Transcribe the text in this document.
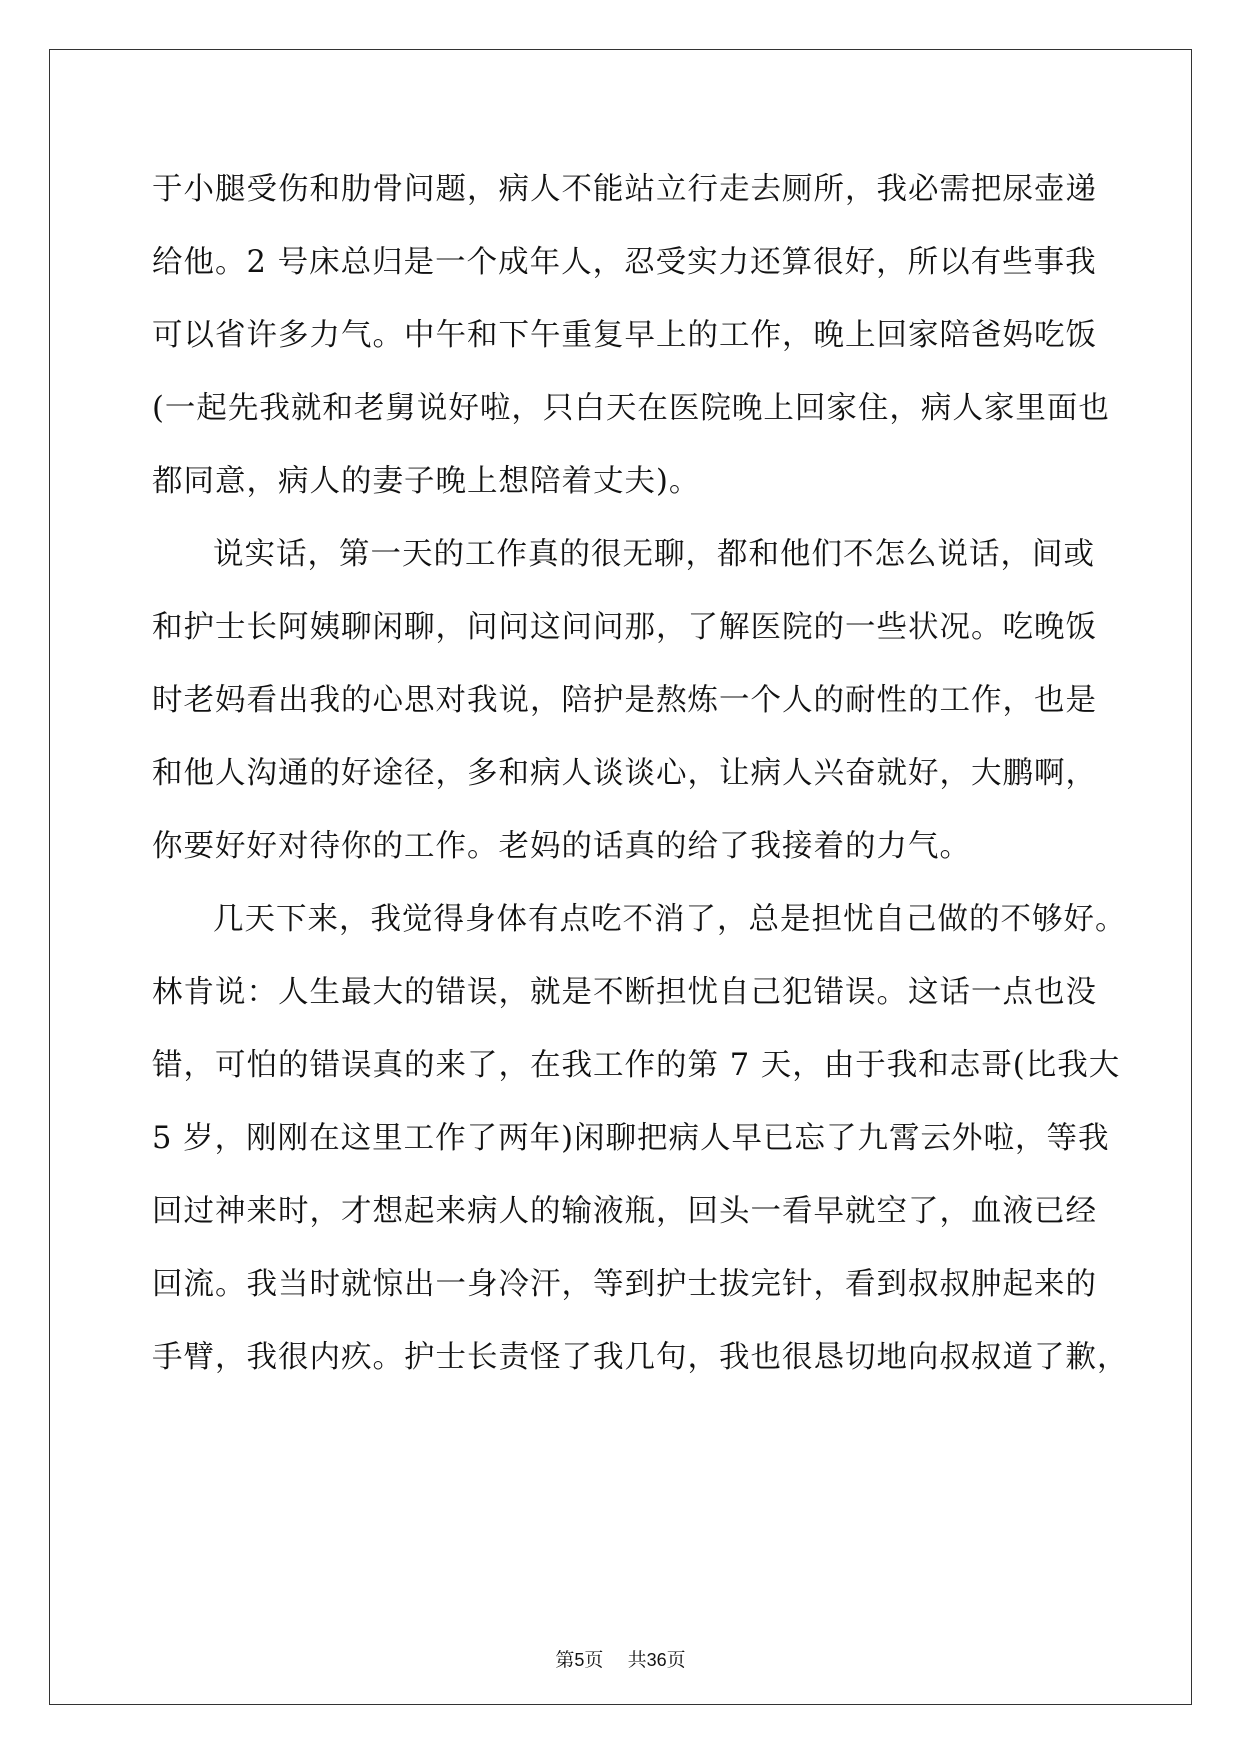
于小腿受伤和肋骨问题，病人不能站立行走去厕所，我必需把尿壶递
给他。2 号床总归是一个成年人，忍受实力还算很好，所以有些事我
可以省许多力气。中午和下午重复早上的工作，晚上回家陪爸妈吃饭
(一起先我就和老舅说好啦，只白天在医院晚上回家住，病人家里面也
都同意，病人的妻子晚上想陪着丈夫)。
说实话，第一天的工作真的很无聊，都和他们不怎么说话，间或
和护士长阿姨聊闲聊，问问这问问那，了解医院的一些状况。吃晚饭
时老妈看出我的心思对我说，陪护是熬炼一个人的耐性的工作，也是
和他人沟通的好途径，多和病人谈谈心，让病人兴奋就好，大鹏啊，
你要好好对待你的工作。老妈的话真的给了我接着的力气。
几天下来，我觉得身体有点吃不消了，总是担忧自己做的不够好。
林肯说：人生最大的错误，就是不断担忧自己犯错误。这话一点也没
错，可怕的错误真的来了，在我工作的第 7 天，由于我和志哥(比我大
5 岁，刚刚在这里工作了两年)闲聊把病人早已忘了九霄云外啦，等我
回过神来时，才想起来病人的输液瓶，回头一看早就空了，血液已经
回流。我当时就惊出一身冷汗，等到护士拔完针，看到叔叔肿起来的
手臂，我很内疚。护士长责怪了我几句，我也很恳切地向叔叔道了歉，
第5页 共36页
